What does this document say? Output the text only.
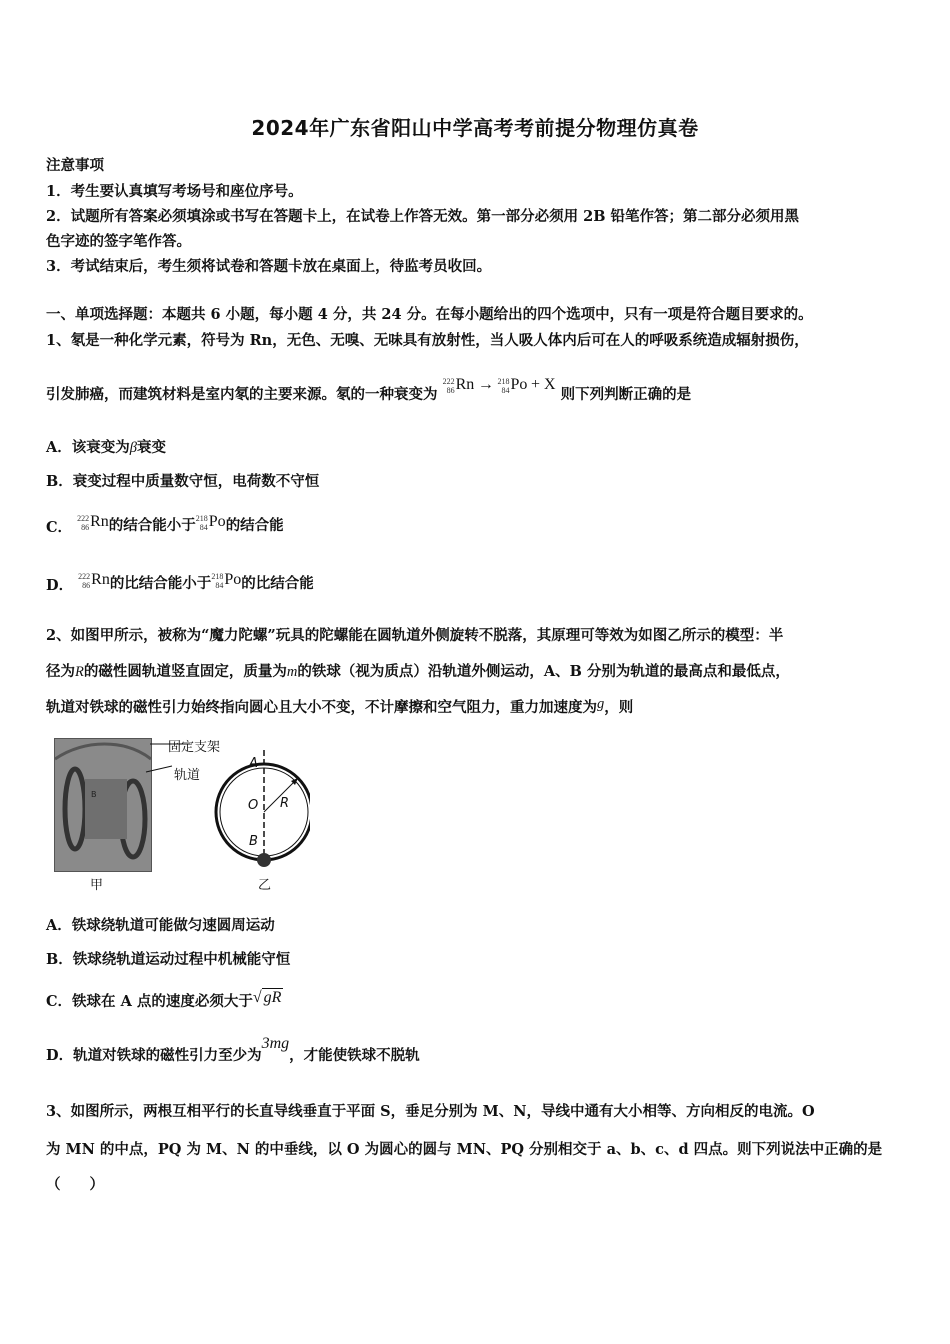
2024年广东省阳山中学高考考前提分物理仿真卷
注意事项
1．考生要认真填写考场号和座位序号。
2．试题所有答案必须填涂或书写在答题卡上，在试卷上作答无效。第一部分必须用 2B 铅笔作答；第二部分必须用黑
色字迹的签字笔作答。
3．考试结束后，考生须将试卷和答题卡放在桌面上，待监考员收回。
一、单项选择题：本题共 6 小题，每小题 4 分，共 24 分。在每小题给出的四个选项中，只有一项是符合题目要求的。
1、氡是一种化学元素，符号为 Rn，无色、无嗅、无味具有放射性，当人吸人体内后可在人的呼吸系统造成辐射损伤，
引发肺癌，而建筑材料是室内氡的主要来源。氡的一种衰变为
222
86 Rn → 218
84 Po + X 则下列判断正确的是
A．该衰变为β衰变
B．衰变过程中质量数守恒，电荷数不守恒
C．
222
86 Rn的结合能小于 218
84 Po的结合能
D．
222
86 Rn的比结合能小于 218
84 Po的比结合能
2、如图甲所示，被称为“魔力陀螺”玩具的陀螺能在圆轨道外侧旋转不脱落，其原理可等效为如图乙所示的模型：半
径为R的磁性圆轨道竖直固定，质量为m的铁球（视为质点）沿轨道外侧运动，A、B 分别为轨道的最高点和最低点，
轨道对铁球的磁性引力始终指向圆心且大小不变，不计摩擦和空气阻力，重力加速度为g，则
B
固定支架
轨道
A
O R
B
甲	乙
A．铁球绕轨道可能做匀速圆周运动
B．铁球绕轨道运动过程中机械能守恒
C．铁球在 A 点的速度必须大于√ gR
D．轨道对铁球的磁性引力至少为3mg，才能使铁球不脱轨
3、如图所示，两根互相平行的长直导线垂直于平面 S，垂足分别为 M、N，导线中通有大小相等、方向相反的电流。O
为 MN 的中点，PQ 为 M、N 的中垂线，以 O 为圆心的圆与 MN、PQ 分别相交于 a、b、c、d 四点。则下列说法中正确的是
（　　）
